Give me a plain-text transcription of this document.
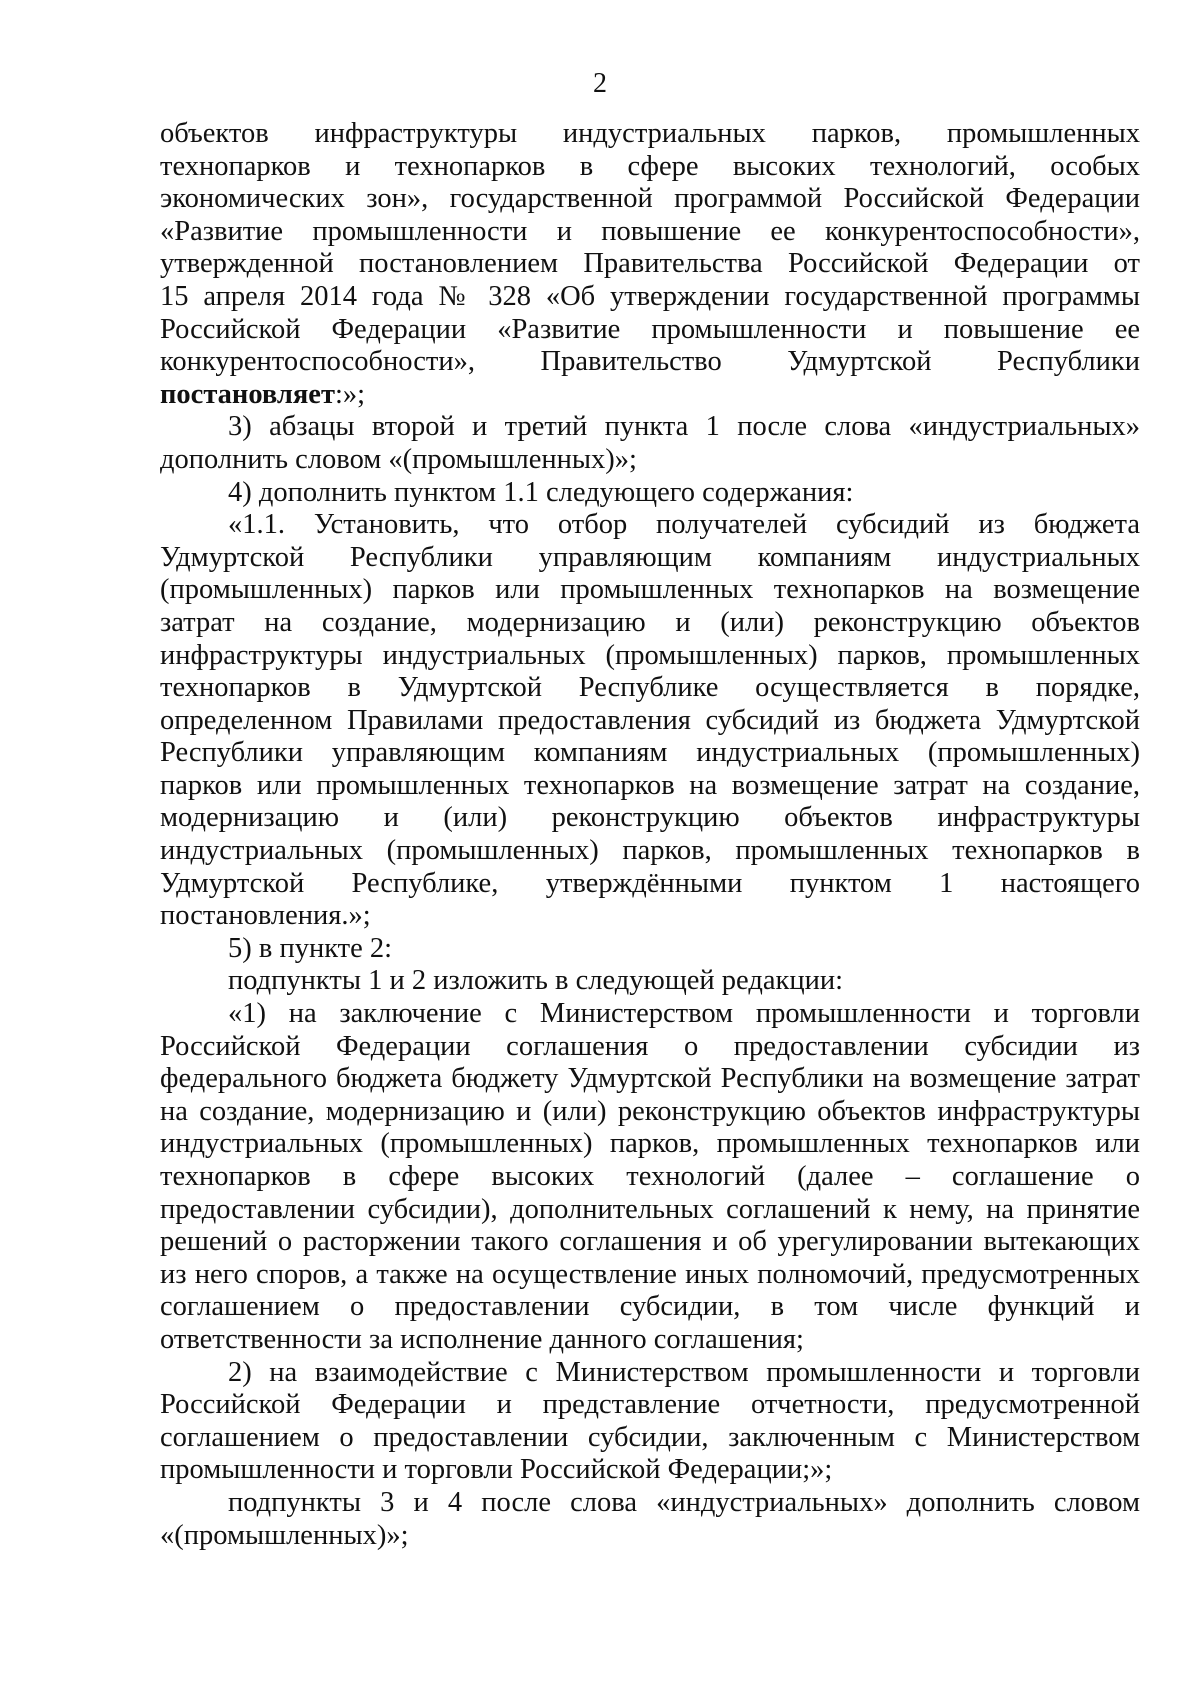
2
объектов инфраструктуры индустриальных парков, промышленных
технопарков и технопарков в сфере высоких технологий, особых
экономических зон», государственной программой Российской Федерации
«Развитие промышленности и повышение ее конкурентоспособности»,
утвержденной постановлением Правительства Российской Федерации от
15 апреля 2014 года № 328 «Об утверждении государственной программы
Российской Федерации «Развитие промышленности и повышение ее
конкурентоспособности», Правительство Удмуртской Республики
постановляет:»;
3) абзацы второй и третий пункта 1 после слова «индустриальных»
дополнить словом «(промышленных)»;
4) дополнить пунктом 1.1 следующего содержания:
«1.1. Установить, что отбор получателей субсидий из бюджета
Удмуртской Республики управляющим компаниям индустриальных
(промышленных) парков или промышленных технопарков на возмещение
затрат на создание, модернизацию и (или) реконструкцию объектов
инфраструктуры индустриальных (промышленных) парков, промышленных
технопарков в Удмуртской Республике осуществляется в порядке,
определенном Правилами предоставления субсидий из бюджета Удмуртской
Республики управляющим компаниям индустриальных (промышленных)
парков или промышленных технопарков на возмещение затрат на создание,
модернизацию и (или) реконструкцию объектов инфраструктуры
индустриальных (промышленных) парков, промышленных технопарков в
Удмуртской Республике, утверждёнными пунктом 1 настоящего
постановления.»;
5) в пункте 2:
подпункты 1 и 2 изложить в следующей редакции:
«1) на заключение с Министерством промышленности и торговли
Российской Федерации соглашения о предоставлении субсидии из
федерального бюджета бюджету Удмуртской Республики на возмещение затрат
на создание, модернизацию и (или) реконструкцию объектов инфраструктуры
индустриальных (промышленных) парков, промышленных технопарков или
технопарков в сфере высоких технологий (далее – соглашение о
предоставлении субсидии), дополнительных соглашений к нему, на принятие
решений о расторжении такого соглашения и об урегулировании вытекающих
из него споров, а также на осуществление иных полномочий, предусмотренных
соглашением о предоставлении субсидии, в том числе функций и
ответственности за исполнение данного соглашения;
2) на взаимодействие с Министерством промышленности и торговли
Российской Федерации и представление отчетности, предусмотренной
соглашением о предоставлении субсидии, заключенным с Министерством
промышленности и торговли Российской Федерации;»;
подпункты 3 и 4 после слова «индустриальных» дополнить словом
«(промышленных)»;
